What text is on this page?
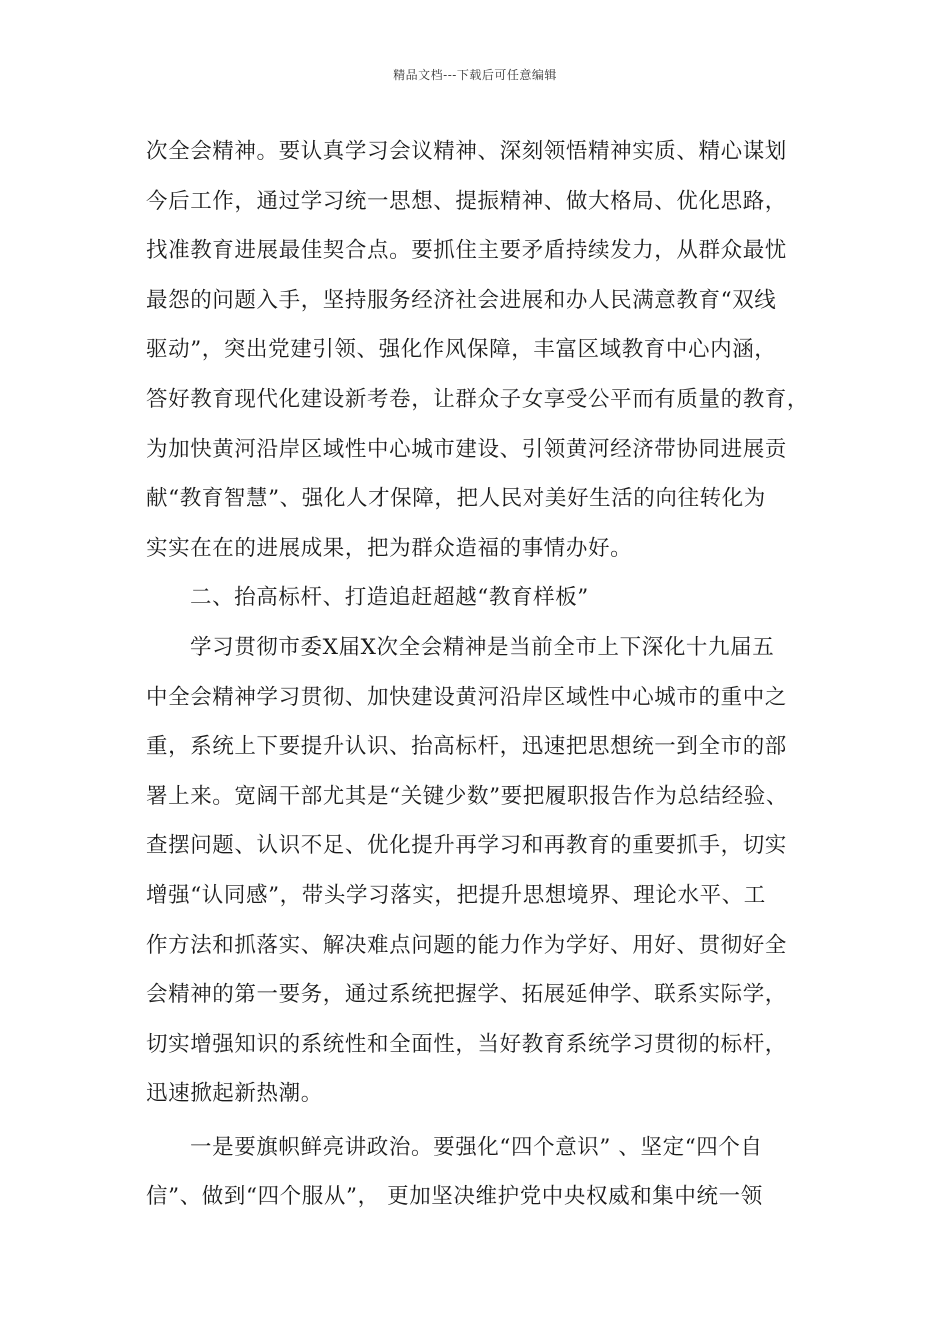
精品文档---下载后可任意编辑
次全会精神。要认真学习会议精神、深刻领悟精神实质、精心谋划
今后工作，通过学习统一思想、提振精神、做大格局、优化思路，
找准教育进展最佳契合点。要抓住主要矛盾持续发力，从群众最忧
最怨的问题入手，坚持服务经济社会进展和办人民满意教育“双线
驱动”，突出党建引领、强化作风保障，丰富区域教育中心内涵，
答好教育现代化建设新考卷，让群众子女享受公平而有质量的教育，
为加快黄河沿岸区域性中心城市建设、引领黄河经济带协同进展贡
献“教育智慧”、强化人才保障，把人民对美好生活的向往转化为
实实在在的进展成果，把为群众造福的事情办好。
二、抬高标杆、打造追赶超越“教育样板”
学习贯彻市委X届X次全会精神是当前全市上下深化十九届五
中全会精神学习贯彻、加快建设黄河沿岸区域性中心城市的重中之
重，系统上下要提升认识、抬高标杆，迅速把思想统一到全市的部
署上来。宽阔干部尤其是“关键少数”要把履职报告作为总结经验、
查摆问题、认识不足、优化提升再学习和再教育的重要抓手，切实
增强“认同感”，带头学习落实，把提升思想境界、理论水平、工
作方法和抓落实、解决难点问题的能力作为学好、用好、贯彻好全
会精神的第一要务，通过系统把握学、拓展延伸学、联系实际学，
切实增强知识的系统性和全面性，当好教育系统学习贯彻的标杆，
迅速掀起新热潮。
一是要旗帜鲜亮讲政治。要强化“四个意识” 、坚定“四个自
信”、做到“四个服从”， 更加坚决维护党中央权威和集中统一领
